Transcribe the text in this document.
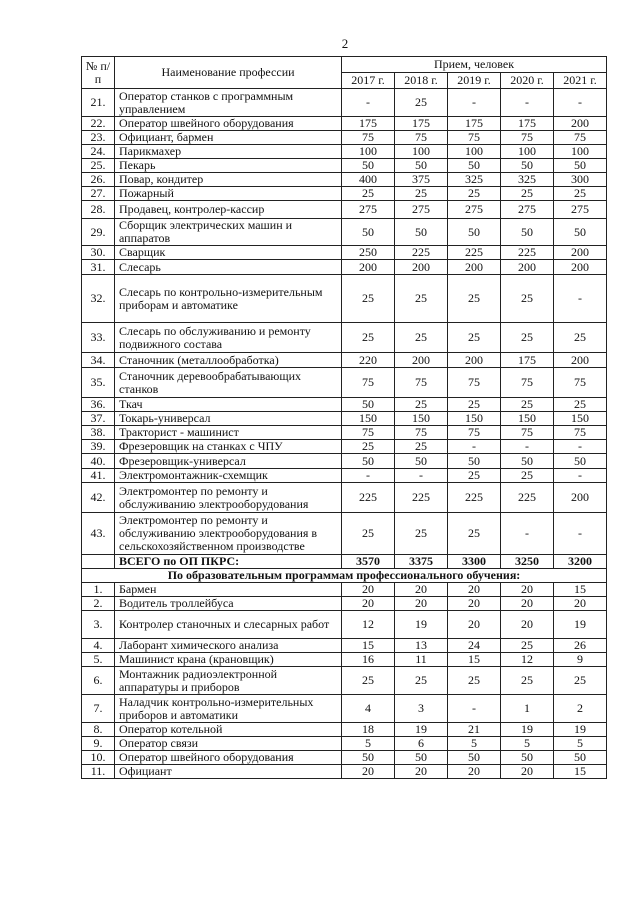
2
№ п/п	Наименование профессии	Прием, человек				
		2017 г.	2018 г.	2019 г.	2020 г.	2021 г.
21.	Оператор станков с программным управлением	-	25	-	-	-
22.	Оператор швейного оборудования	175	175	175	175	200
23.	Официант, бармен	75	75	75	75	75
24.	Парикмахер	100	100	100	100	100
25.	Пекарь	50	50	50	50	50
26.	Повар, кондитер	400	375	325	325	300
27.	Пожарный	25	25	25	25	25
28.	Продавец, контролер-кассир	275	275	275	275	275
29.	Сборщик электрических машин и аппаратов	50	50	50	50	50
30.	Сварщик	250	225	225	225	200
31.	Слесарь	200	200	200	200	200
32.	Слесарь по контрольно-измерительным приборам и автоматике	25	25	25	25	-
33.	Слесарь по обслуживанию и ремонту подвижного состава	25	25	25	25	25
34.	Станочник (металлообработка)	220	200	200	175	200
35.	Станочник деревообрабатывающих станков	75	75	75	75	75
36.	Ткач	50	25	25	25	25
37.	Токарь-универсал	150	150	150	150	150
38.	Тракторист - машинист	75	75	75	75	75
39.	Фрезеровщик на станках с ЧПУ	25	25	-	-	-
40.	Фрезеровщик-универсал	50	50	50	50	50
41.	Электромонтажник-схемщик	-	-	25	25	-
42.	Электромонтер по ремонту и обслуживанию электрооборудования	225	225	225	225	200
43.	Электромонтер по ремонту и обслуживанию электрооборудования в сельскохозяйственном производстве	25	25	25	-	-
	ВСЕГО по ОП ПКРС:	3570	3375	3300	3250	3200
По образовательным программам профессионального обучения:						
1.	Бармен	20	20	20	20	15
2.	Водитель троллейбуса	20	20	20	20	20
3.	Контролер станочных и слесарных работ	12	19	20	20	19
4.	Лаборант химического анализа	15	13	24	25	26
5.	Машинист крана (крановщик)	16	11	15	12	9
6.	Монтажник радиоэлектронной аппаратуры и приборов	25	25	25	25	25
7.	Наладчик контрольно-измерительных приборов и автоматики	4	3	-	1	2
8.	Оператор котельной	18	19	21	19	19
9.	Оператор связи	5	6	5	5	5
10.	Оператор швейного оборудования	50	50	50	50	50
11.	Официант	20	20	20	20	15
